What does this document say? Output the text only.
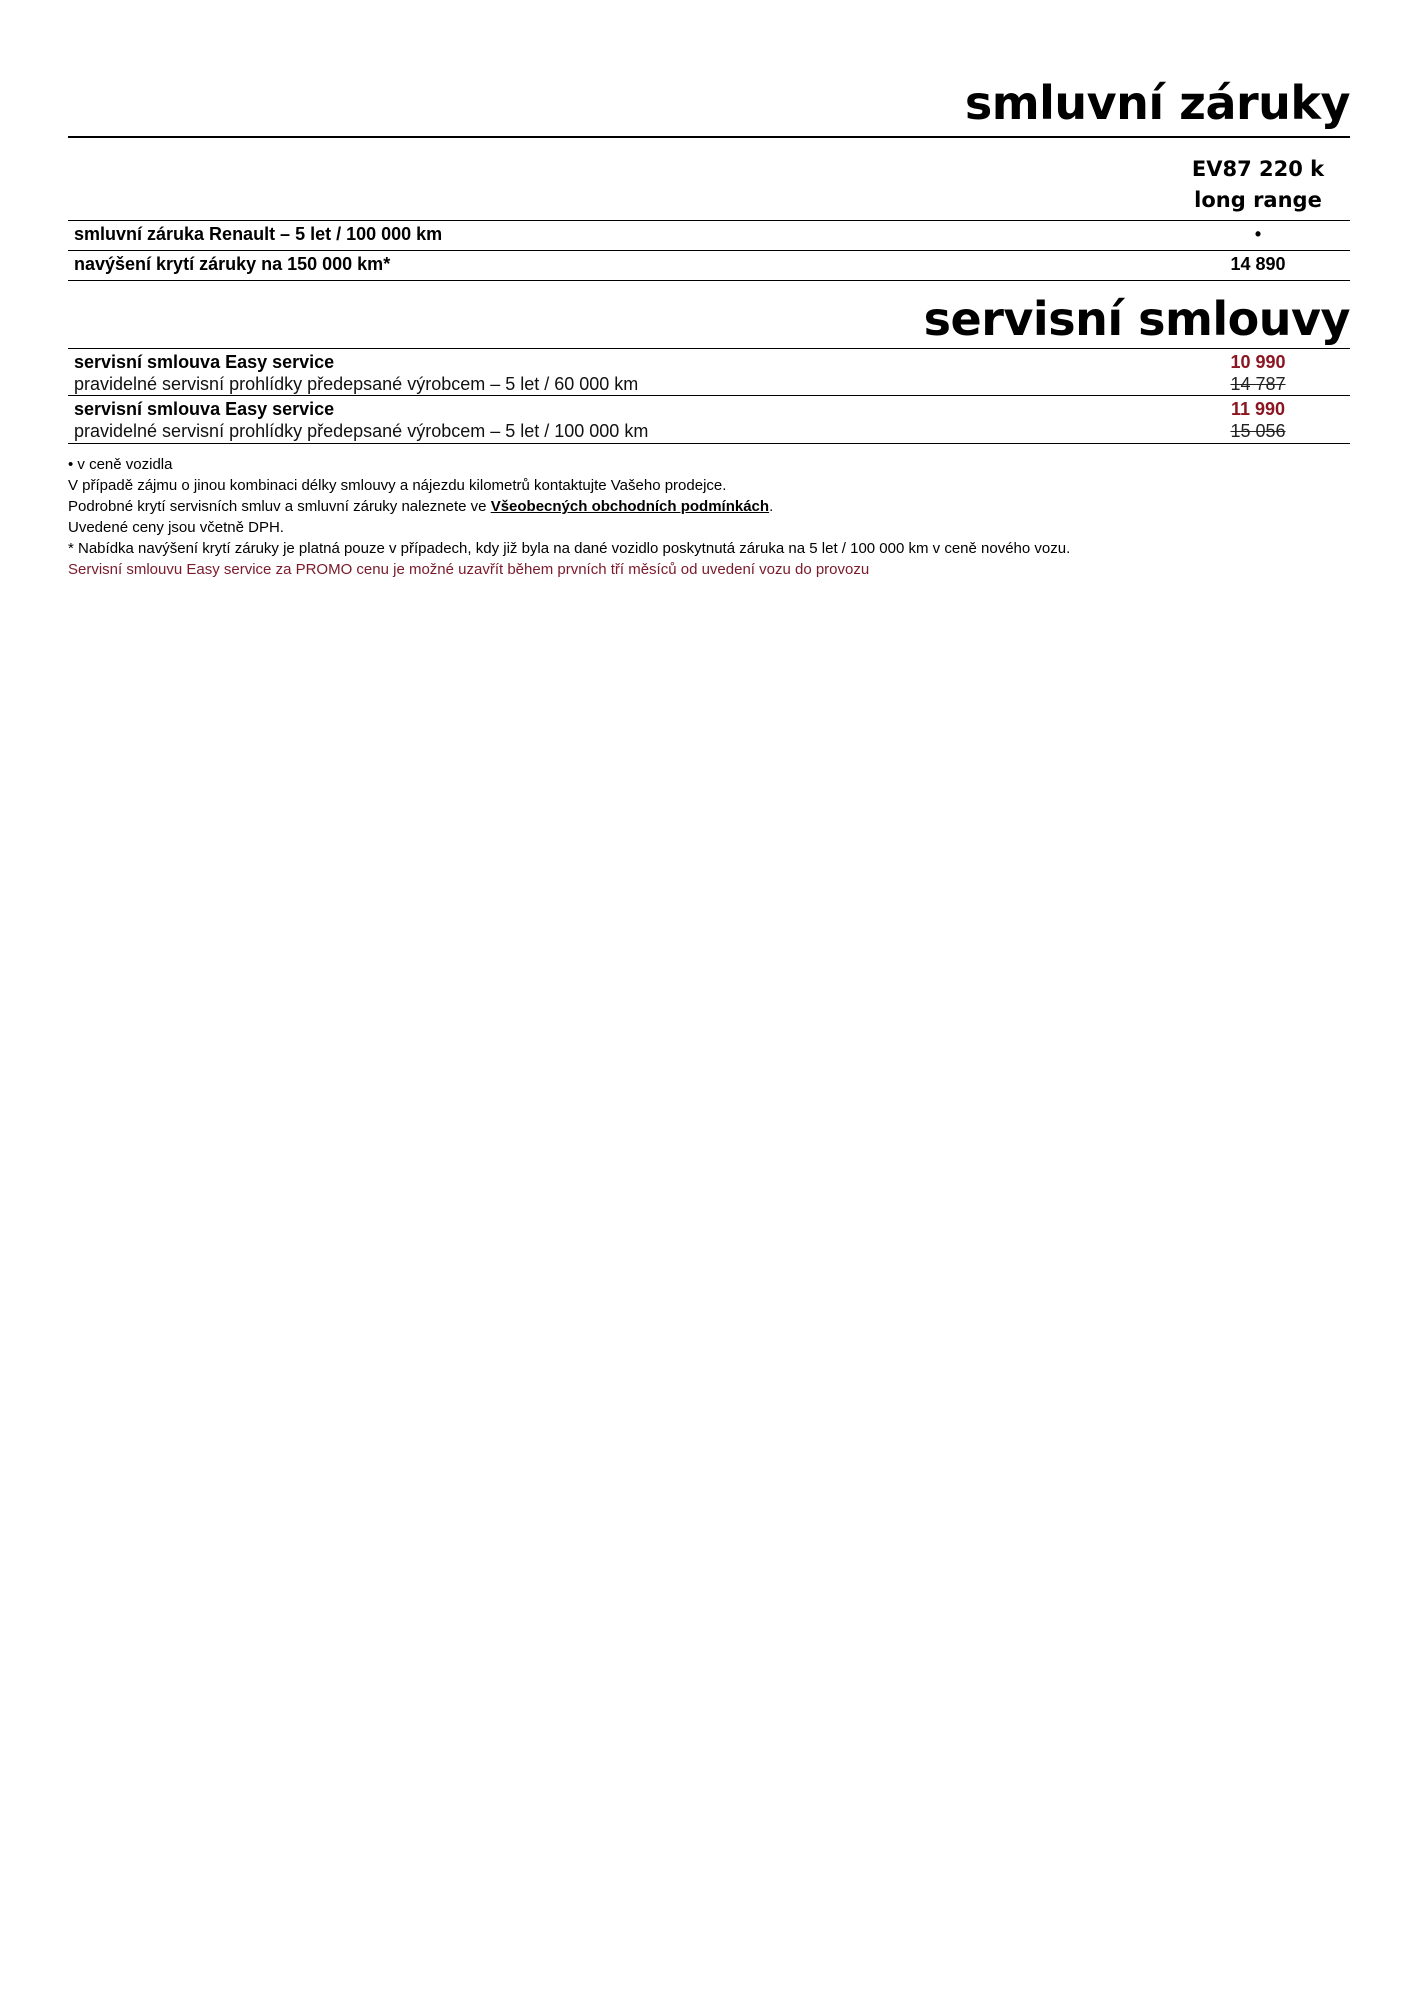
smluvní záruky
EV87 220 k
long range
smluvní záruka Renault – 5 let / 100 000 km	•
navýšení krytí záruky na 150 000 km*	14 890
servisní smlouvy
servisní smlouva Easy service
pravidelné servisní prohlídky předepsané výrobcem – 5 let / 60 000 km
10 990
14 787
servisní smlouva Easy service
pravidelné servisní prohlídky předepsané výrobcem – 5 let / 100 000 km
11 990
15 056
• v ceně vozidla
V případě zájmu o jinou kombinaci délky smlouvy a nájezdu kilometrů kontaktujte Vašeho prodejce.
Podrobné krytí servisních smluv a smluvní záruky naleznete ve Všeobecných obchodních podmínkách.
Uvedené ceny jsou včetně DPH.
* Nabídka navýšení krytí záruky je platná pouze v případech, kdy již byla na dané vozidlo poskytnutá záruka na 5 let / 100 000 km v ceně nového vozu.
Servisní smlouvu Easy service za PROMO cenu je možné uzavřít během prvních tří měsíců od uvedení vozu do provozu
